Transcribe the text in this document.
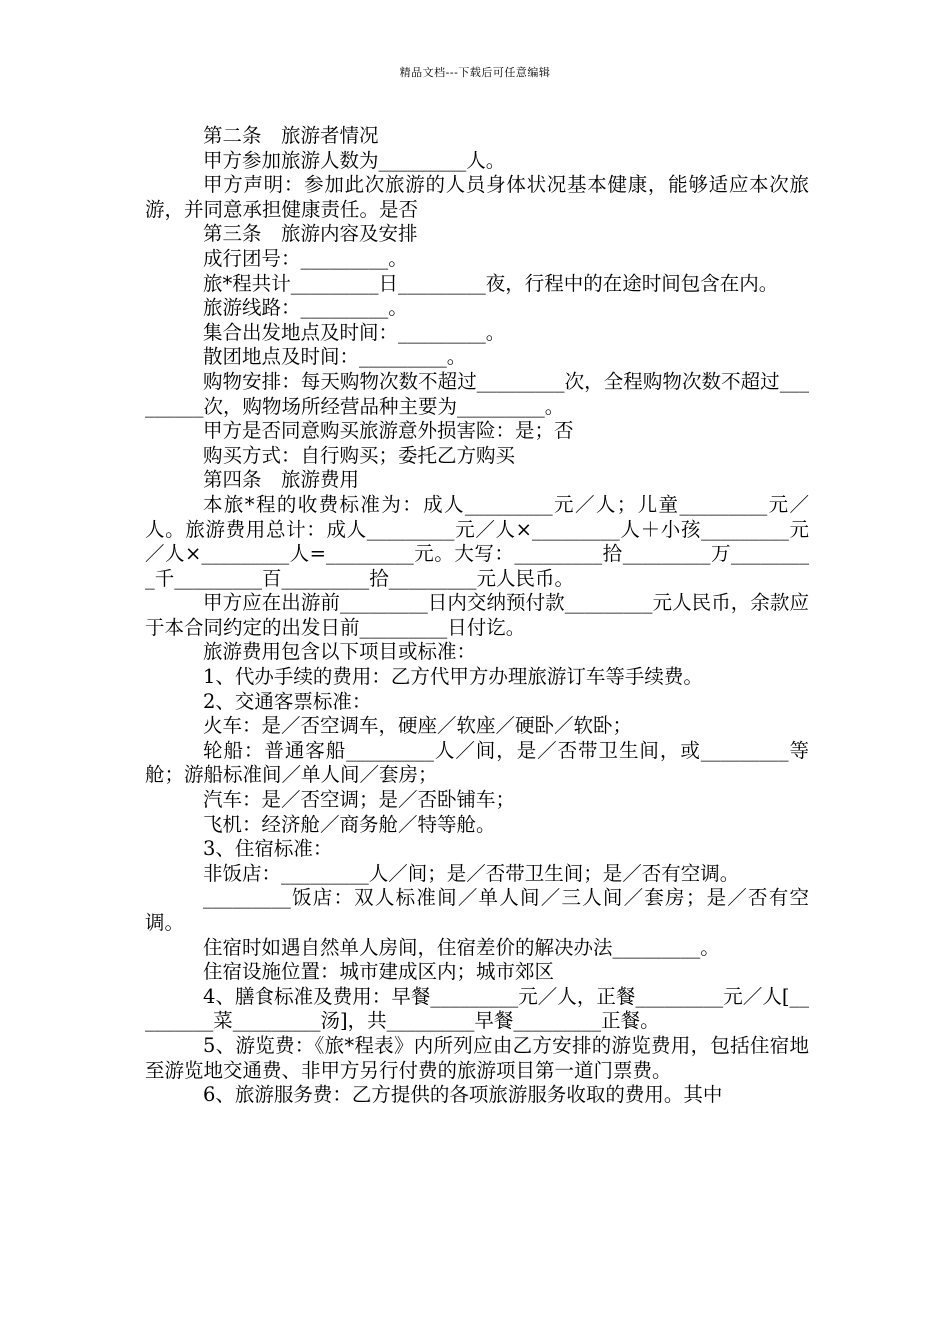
精品文档---下载后可任意编辑

第二条　旅游者情况

甲方参加旅游人数为_________人。

甲方声明：参加此次旅游的人员身体状况基本健康，能够适应本次旅游，并同意承担健康责任。是否

第三条　旅游内容及安排

成行团号：_________。

旅*程共计_________日_________夜，行程中的在途时间包含在内。

旅游线路：_________。

集合出发地点及时间：_________。

散团地点及时间：_________。

购物安排：每天购物次数不超过_________次，全程购物次数不超过_________次，购物场所经营品种主要为_________。

甲方是否同意购买旅游意外损害险：是；否

购买方式：自行购买；委托乙方购买

第四条　旅游费用

本旅*程的收费标准为：成人_________元／人；儿童_________元／人。旅游费用总计：成人_________元／人×_________人＋小孩_________元／人×_________人=_________元。大写：_________拾_________万_________千_________百_________拾_________元人民币。

甲方应在出游前_________日内交纳预付款_________元人民币，余款应于本合同约定的出发日前_________日付讫。

旅游费用包含以下项目或标准：

1、代办手续的费用：乙方代甲方办理旅游订车等手续费。

2、交通客票标准：

火车：是／否空调车，硬座／软座／硬卧／软卧；

轮船：普通客船_________人／间，是／否带卫生间，或_________等舱；游船标准间／单人间／套房；

汽车：是／否空调；是／否卧铺车；

飞机：经济舱／商务舱／特等舱。

3、住宿标准：

非饭店：_________人／间；是／否带卫生间；是／否有空调。

_________饭店：双人标准间／单人间／三人间／套房；是／否有空调。

住宿时如遇自然单人房间，住宿差价的解决办法_________。

住宿设施位置：城市建成区内；城市郊区

4、膳食标准及费用：早餐_________元／人，正餐_________元／人[_________菜_________汤]，共_________早餐_________正餐。

5、游览费：《旅*程表》内所列应由乙方安排的游览费用，包括住宿地至游览地交通费、非甲方另行付费的旅游项目第一道门票费。

6、旅游服务费：乙方提供的各项旅游服务收取的费用。其中
